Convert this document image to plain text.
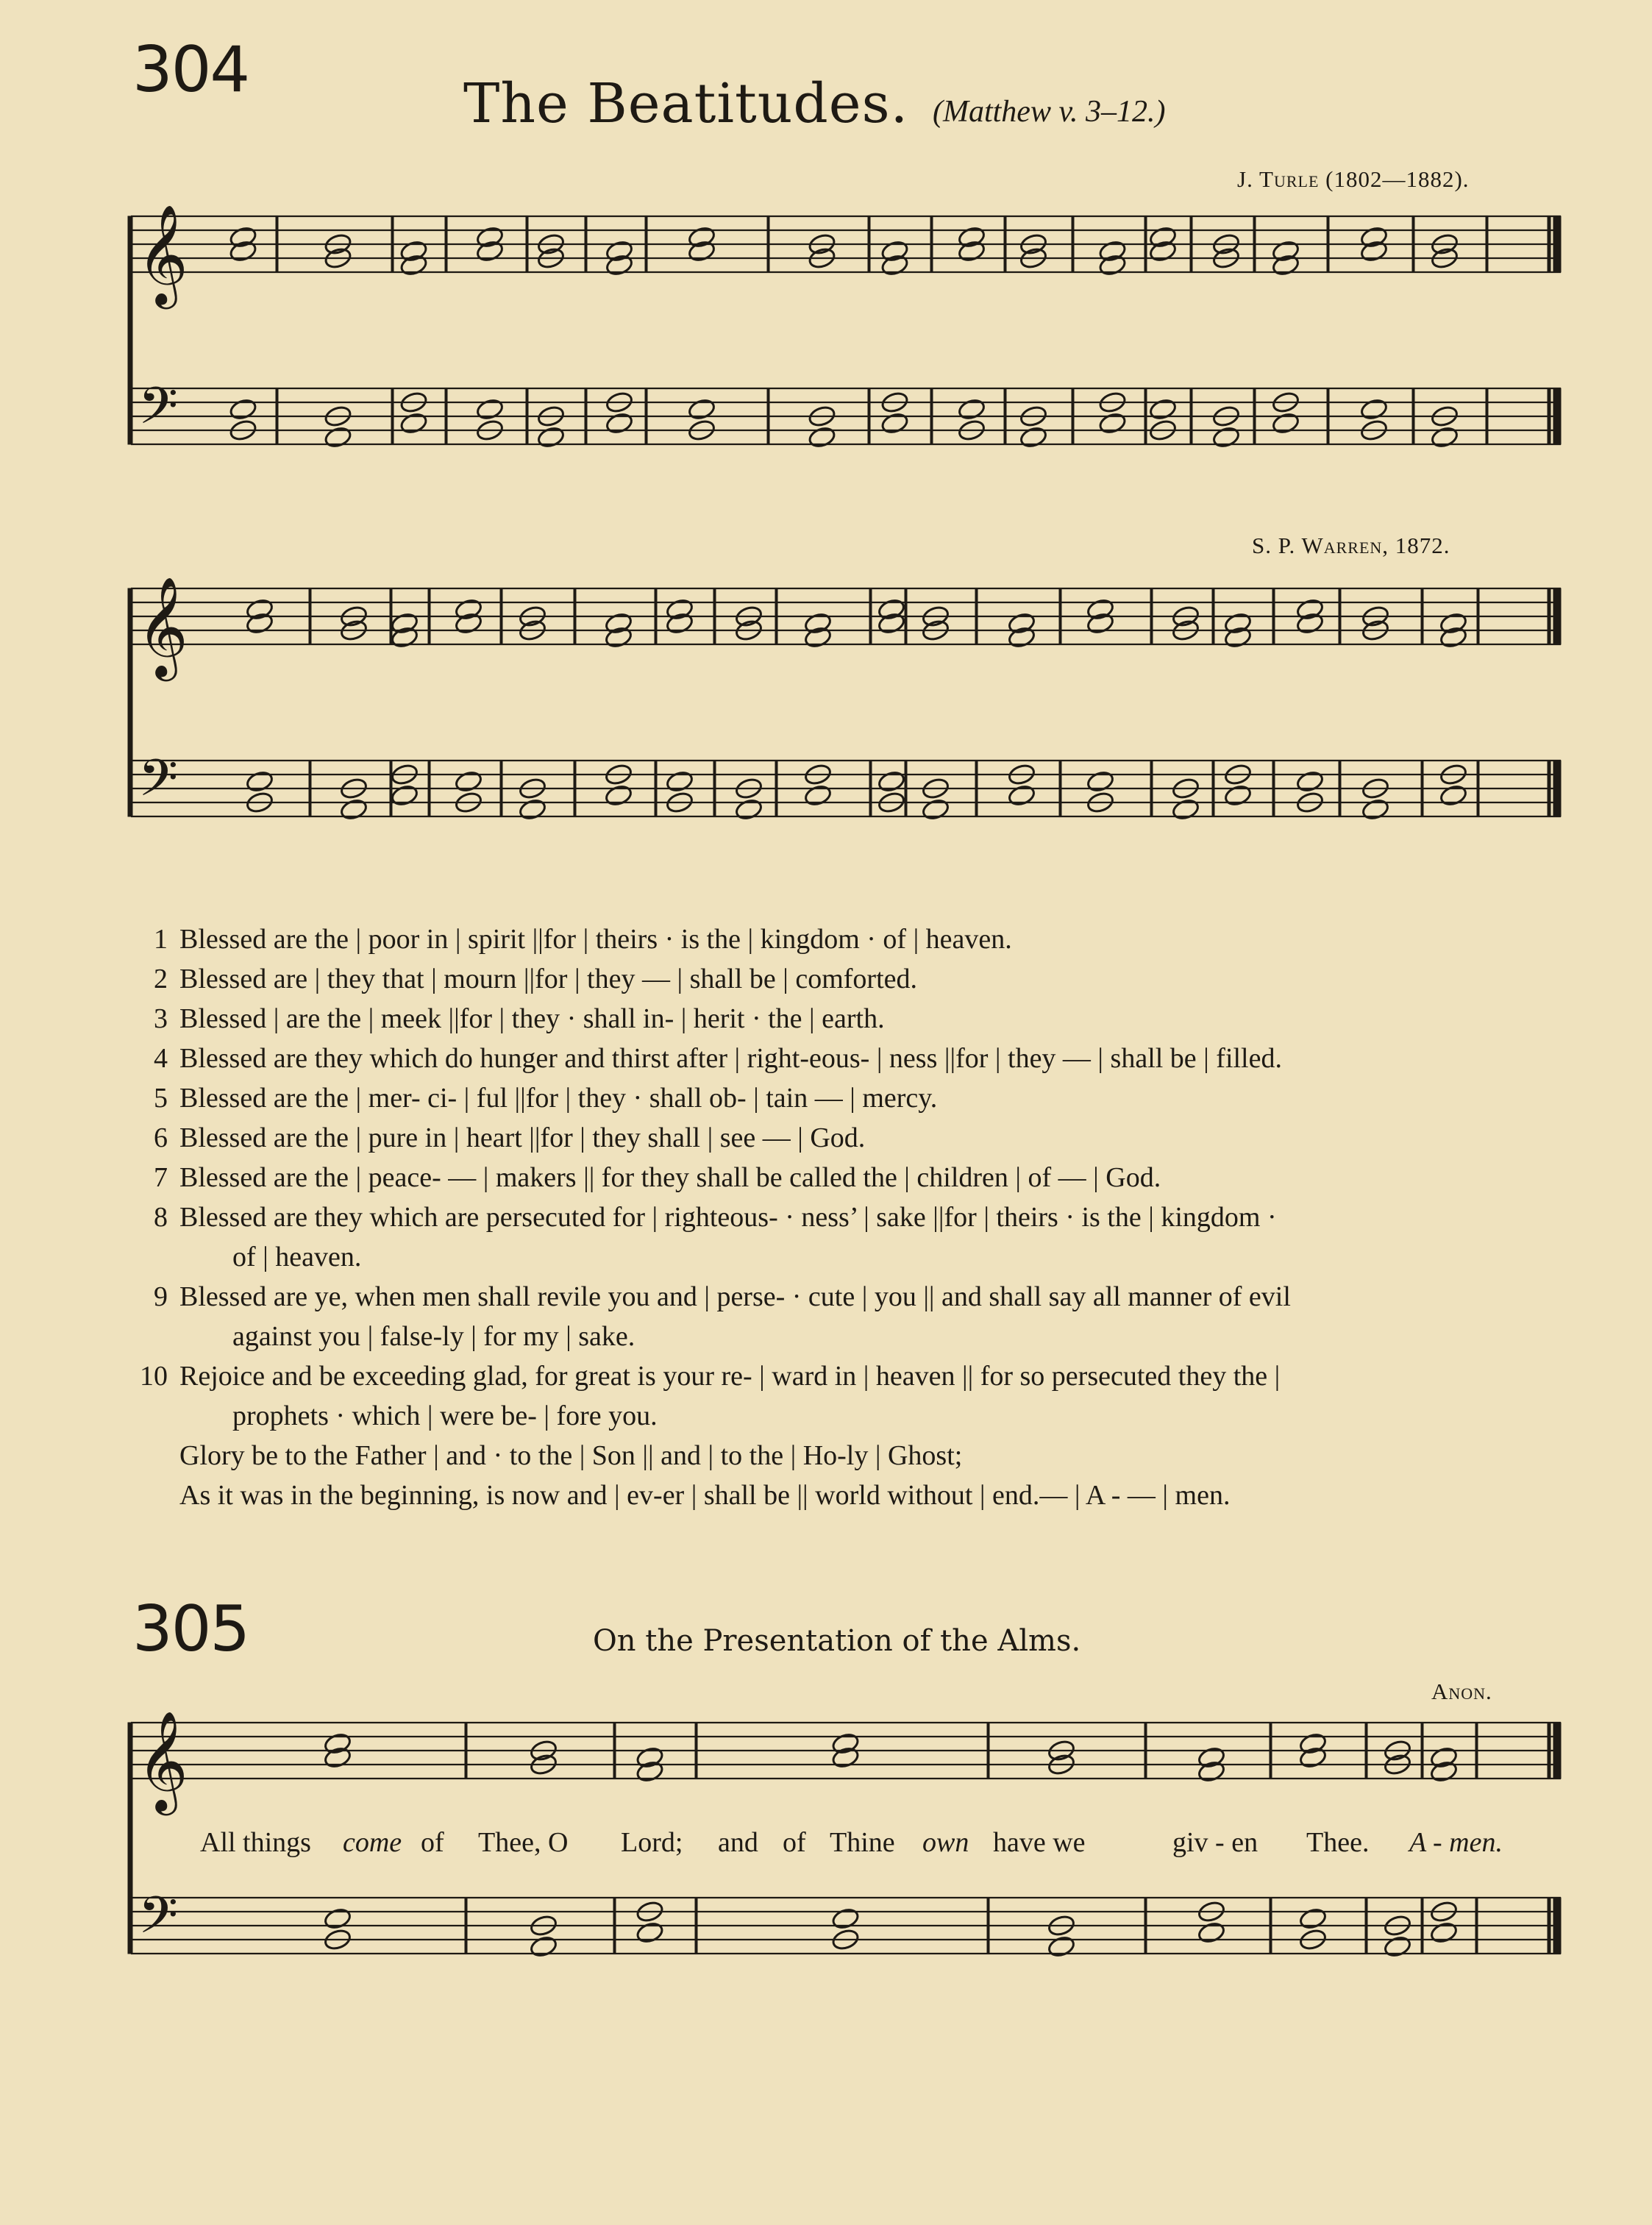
304	The Beatitudes. (Matthew v. 3–12.)
J. Turle (1802—1882).
S. P. Warren, 1872.
305	On the Presentation of the Alms.
Anon.
𝄞
𝄢
𝄞
𝄢
𝄞
𝄢
1 Blessed are the | poor in | spirit ||for | theirs · is the | kingdom · of | heaven.
2 Blessed are | they that | mourn ||for | they — | shall be | comforted.
3 Blessed | are the | meek ||for | they · shall in- | herit · the | earth.
4 Blessed are they which do hunger and thirst after | right-eous- | ness ||for | they — | shall be | filled.
5 Blessed are the | mer- ci- | ful ||for | they · shall ob- | tain — | mercy.
6 Blessed are the | pure in | heart ||for | they shall | see — | God.
7 Blessed are the | peace- — | makers || for they shall be called the | children | of — | God.
8 Blessed are they which are persecuted for | righteous- · ness’ | sake ||for | theirs · is the | kingdom ·
of | heaven.
9 Blessed are ye, when men shall revile you and | perse- · cute | you || and shall say all manner of evil
against you | false-ly | for my | sake.
10 Rejoice and be exceeding glad, for great is your re- | ward in | heaven || for so persecuted they the |
prophets · which | were be- | fore you.
Glory be to the Father | and · to the | Son || and | to the | Ho-ly | Ghost;
As it was in the beginning, is now and | ev-er | shall be || world without | end.— | A - — | men.
All things come of Thee, O Lord; and of Thine own have we	giv - en Thee. A - men.
